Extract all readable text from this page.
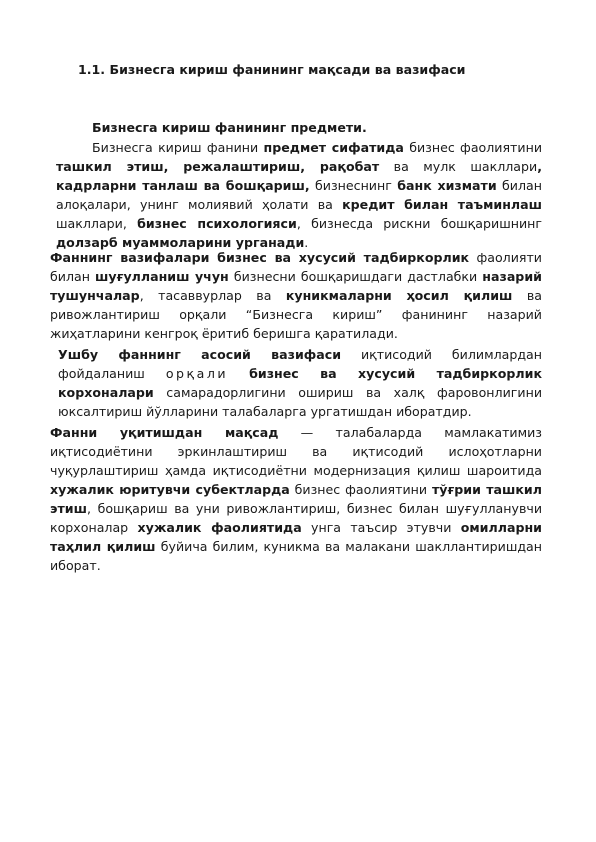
1.1. Бизнесга кириш фанининг мақсади ва вазифаси
Бизнесга кириш фанининг предмети.
Бизнесга кириш фанини предмет сифатида бизнес фаолиятини ташкил этиш, режалаштириш, рақобат ва мулк шакллари, кадрларни танлаш ва бошқариш, бизнеснинг банк хизмати билан алоқалари, унинг молиявий ҳолати ва кредит билан таъминлаш шакллари, бизнес психологияси, бизнесда рискни бошқаришнинг долзарб муаммоларини урганади.
Фаннинг вазифалари бизнес ва хусусий тадбиркорлик фаолияти билан шуғулланиш учун бизнесни бошқаришдаги дастлабки назарий тушунчалар, тасаввурлар ва куникмаларни ҳосил қилиш ва ривожлантириш орқали “Бизнесга кириш” фанининг назарий жиҳатларини кенгроқ ёритиб беришга қаратилади.
Ушбу фаннинг асосий вазифаси иқтисодий билимлардан фойдаланиш орқали бизнес ва хусусий тадбиркорлик корхоналари самарадорлигини ошириш ва халқ фаровонлигини юксалтириш йўлларини талабаларга ургатишдан иборатдир.
Фанни уқитишдан мақсад — талабаларда мамлакатимиз иқтисодиётини эркинлаштириш ва иқтисодий ислоҳотларни чуқурлаштириш ҳамда иқтисодиётни модернизация қилиш шароитида хужалик юритувчи субектларда бизнес фаолиятини тўғрии ташкил этиш, бошқариш ва уни ривожлантириш, бизнес билан шуғулланувчи корхоналар хужалик фаолиятида унга таъсир этувчи омилларни таҳлил қилиш буйича билим, куникма ва малакани шакллантиришдан иборат.
